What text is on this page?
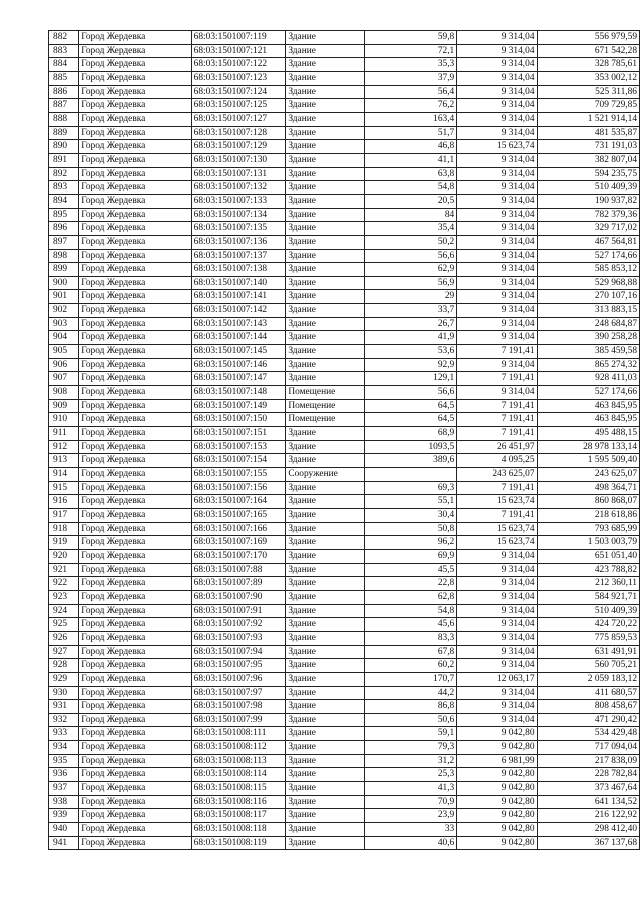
882	Город Жердевка	68:03:1501007:119	Здание	59,8	9 314,04	556 979,59
883	Город Жердевка	68:03:1501007:121	Здание	72,1	9 314,04	671 542,28
884	Город Жердевка	68:03:1501007:122	Здание	35,3	9 314,04	328 785,61
885	Город Жердевка	68:03:1501007:123	Здание	37,9	9 314,04	353 002,12
886	Город Жердевка	68:03:1501007:124	Здание	56,4	9 314,04	525 311,86
887	Город Жердевка	68:03:1501007:125	Здание	76,2	9 314,04	709 729,85
888	Город Жердевка	68:03:1501007:127	Здание	163,4	9 314,04	1 521 914,14
889	Город Жердевка	68:03:1501007:128	Здание	51,7	9 314,04	481 535,87
890	Город Жердевка	68:03:1501007:129	Здание	46,8	15 623,74	731 191,03
891	Город Жердевка	68:03:1501007:130	Здание	41,1	9 314,04	382 807,04
892	Город Жердевка	68:03:1501007:131	Здание	63,8	9 314,04	594 235,75
893	Город Жердевка	68:03:1501007:132	Здание	54,8	9 314,04	510 409,39
894	Город Жердевка	68:03:1501007:133	Здание	20,5	9 314,04	190 937,82
895	Город Жердевка	68:03:1501007:134	Здание	84	9 314,04	782 379,36
896	Город Жердевка	68:03:1501007:135	Здание	35,4	9 314,04	329 717,02
897	Город Жердевка	68:03:1501007:136	Здание	50,2	9 314,04	467 564,81
898	Город Жердевка	68:03:1501007:137	Здание	56,6	9 314,04	527 174,66
899	Город Жердевка	68:03:1501007:138	Здание	62,9	9 314,04	585 853,12
900	Город Жердевка	68:03:1501007:140	Здание	56,9	9 314,04	529 968,88
901	Город Жердевка	68:03:1501007:141	Здание	29	9 314,04	270 107,16
902	Город Жердевка	68:03:1501007:142	Здание	33,7	9 314,04	313 883,15
903	Город Жердевка	68:03:1501007:143	Здание	26,7	9 314,04	248 684,87
904	Город Жердевка	68:03:1501007:144	Здание	41,9	9 314,04	390 258,28
905	Город Жердевка	68:03:1501007:145	Здание	53,6	7 191,41	385 459,58
906	Город Жердевка	68:03:1501007:146	Здание	92,9	9 314,04	865 274,32
907	Город Жердевка	68:03:1501007:147	Здание	129,1	7 191,41	928 411,03
908	Город Жердевка	68:03:1501007:148	Помещение	56,6	9 314,04	527 174,66
909	Город Жердевка	68:03:1501007:149	Помещение	64,5	7 191,41	463 845,95
910	Город Жердевка	68:03:1501007:150	Помещение	64,5	7 191,41	463 845,95
911	Город Жердевка	68:03:1501007:151	Здание	68,9	7 191,41	495 488,15
912	Город Жердевка	68:03:1501007:153	Здание	1093,5	26 451,97	28 978 133,14
913	Город Жердевка	68:03:1501007:154	Здание	389,6	4 095,25	1 595 509,40
914	Город Жердевка	68:03:1501007:155	Сооружение		243 625,07	243 625,07
915	Город Жердевка	68:03:1501007:156	Здание	69,3	7 191,41	498 364,71
916	Город Жердевка	68:03:1501007:164	Здание	55,1	15 623,74	860 868,07
917	Город Жердевка	68:03:1501007:165	Здание	30,4	7 191,41	218 618,86
918	Город Жердевка	68:03:1501007:166	Здание	50,8	15 623,74	793 685,99
919	Город Жердевка	68:03:1501007:169	Здание	96,2	15 623,74	1 503 003,79
920	Город Жердевка	68:03:1501007:170	Здание	69,9	9 314,04	651 051,40
921	Город Жердевка	68:03:1501007:88	Здание	45,5	9 314,04	423 788,82
922	Город Жердевка	68:03:1501007:89	Здание	22,8	9 314,04	212 360,11
923	Город Жердевка	68:03:1501007:90	Здание	62,8	9 314,04	584 921,71
924	Город Жердевка	68:03:1501007:91	Здание	54,8	9 314,04	510 409,39
925	Город Жердевка	68:03:1501007:92	Здание	45,6	9 314,04	424 720,22
926	Город Жердевка	68:03:1501007:93	Здание	83,3	9 314,04	775 859,53
927	Город Жердевка	68:03:1501007:94	Здание	67,8	9 314,04	631 491,91
928	Город Жердевка	68:03:1501007:95	Здание	60,2	9 314,04	560 705,21
929	Город Жердевка	68:03:1501007:96	Здание	170,7	12 063,17	2 059 183,12
930	Город Жердевка	68:03:1501007:97	Здание	44,2	9 314,04	411 680,57
931	Город Жердевка	68:03:1501007:98	Здание	86,8	9 314,04	808 458,67
932	Город Жердевка	68:03:1501007:99	Здание	50,6	9 314,04	471 290,42
933	Город Жердевка	68:03:1501008:111	Здание	59,1	9 042,80	534 429,48
934	Город Жердевка	68:03:1501008:112	Здание	79,3	9 042,80	717 094,04
935	Город Жердевка	68:03:1501008:113	Здание	31,2	6 981,99	217 838,09
936	Город Жердевка	68:03:1501008:114	Здание	25,3	9 042,80	228 782,84
937	Город Жердевка	68:03:1501008:115	Здание	41,3	9 042,80	373 467,64
938	Город Жердевка	68:03:1501008:116	Здание	70,9	9 042,80	641 134,52
939	Город Жердевка	68:03:1501008:117	Здание	23,9	9 042,80	216 122,92
940	Город Жердевка	68:03:1501008:118	Здание	33	9 042,80	298 412,40
941	Город Жердевка	68:03:1501008:119	Здание	40,6	9 042,80	367 137,68
